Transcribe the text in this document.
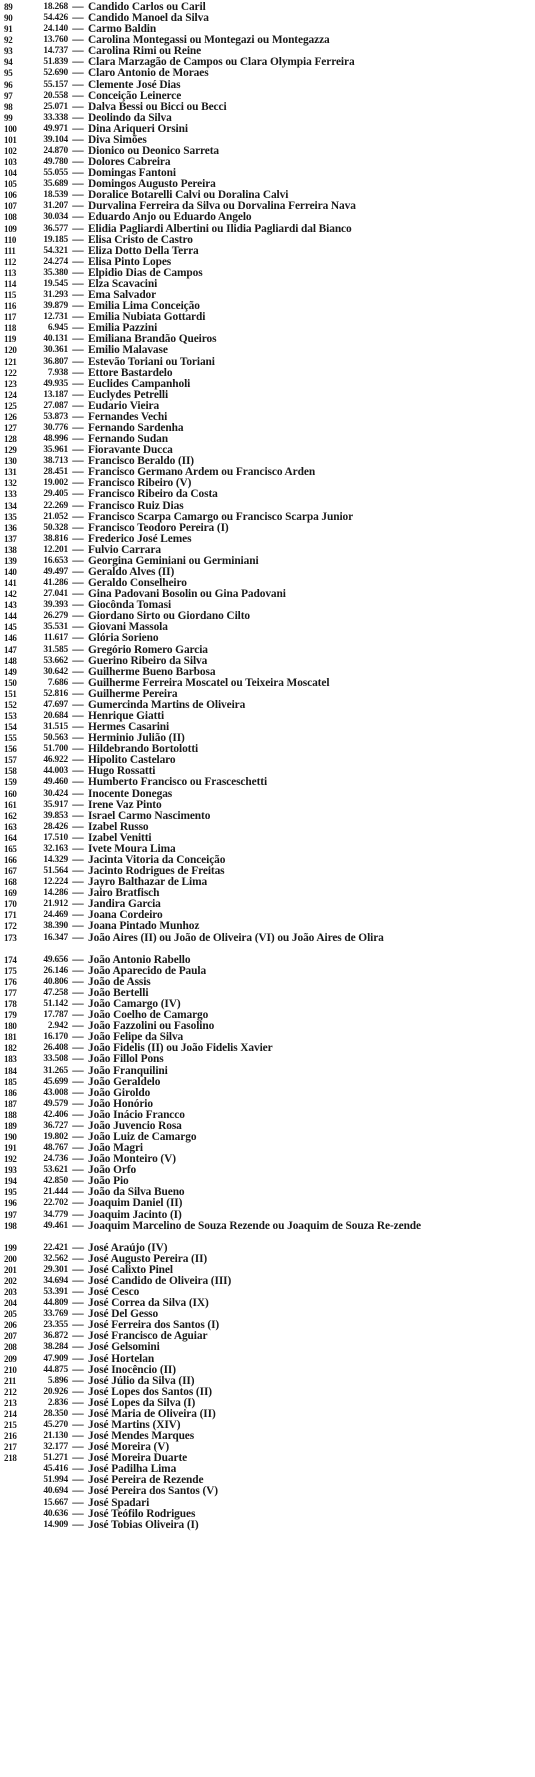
89	18.268 — Candido Carlos ou Caril
90	54.426 — Candido Manoel da Silva
91	24.140 — Carmo Baldin
92	13.760 — Carolina Montegassi ou Montegazi ou Montegazza
93	14.737 — Carolina Rimi ou Reine
94	51.839 — Clara Marzagão de Campos ou Clara Olympia Ferreira
95	52.690 — Claro Antonio de Moraes
96	55.157 — Clemente José Dias
97	20.558 — Conceição Leinerce
98	25.071 — Dalva Bessi ou Bicci ou Becci
99	33.338 — Deolindo da Silva
100	49.971 — Dina Ariqueri Orsini
101	39.104 — Diva Simões
102	24.870 — Dionico ou Deonico Sarreta
103	49.780 — Dolores Cabreira
104	55.055 — Domingas Fantoni
105	35.689 — Domingos Augusto Pereira
106	18.539 — Doralice Botarelli Calvi ou Doralina Calvi
107	31.207 — Durvalina Ferreira da Silva ou Dorvalina Ferreira Nava
108	30.034 — Eduardo Anjo ou Eduardo Angelo
109	36.577 — Elidia Pagliardi Albertini ou Ilidia Pagliardi dal Bianco
110	19.185 — Elisa Cristo de Castro
111	54.321 — Eliza Dotto Della Terra
112	24.274 — Elisa Pinto Lopes
113	35.380 — Elpidio Dias de Campos
114	19.545 — Elza Scavacini
115	31.293 — Ema Salvador
116	39.879 — Emilia Lima Conceição
117	12.731 — Emilia Nubiata Gottardi
118	6.945 — Emilia Pazzini
119	40.131 — Emiliana Brandão Queiros
120	30.361 — Emilio Malavase
121	36.807 — Estevão Toriani ou Toriani
122	7.938 — Ettore Bastardelo
123	49.935 — Euclides Campanholi
124	13.187 — Euclydes Petrelli
125	27.087 — Eudario Vieira
126	53.873 — Fernandes Vechi
127	30.776 — Fernando Sardenha
128	48.996 — Fernando Sudan
129	35.961 — Fioravante Ducca
130	38.713 — Francisco Beraldo (II)
131	28.451 — Francisco Germano Ardem ou Francisco Arden
132	19.002 — Francisco Ribeiro (V)
133	29.405 — Francisco Ribeiro da Costa
134	22.269 — Francisco Ruiz Dias
135	21.052 — Francisco Scarpa Camargo ou Francisco Scarpa Junior
136	50.328 — Francisco Teodoro Pereira (I)
137	38.816 — Frederico José Lemes
138	12.201 — Fulvio Carrara
139	16.653 — Georgina Geminiani ou Germiniani
140	49.497 — Geraldo Alves (II)
141	41.286 — Geraldo Conselheiro
142	27.041 — Gina Padovani Bosolin ou Gina Padovani
143	39.393 — Giocônda Tomasi
144	26.279 — Giordano Sirto ou Giordano Cilto
145	35.531 — Giovani Massola
146	11.617 — Glória Sorieno
147	31.585 — Gregório Romero Garcia
148	53.662 — Guerino Ribeiro da Silva
149	30.642 — Guilherme Bueno Barbosa
150	7.686 — Guilherme Ferreira Moscatel ou Teixeira Moscatel
151	52.816 — Guilherme Pereira
152	47.697 — Gumercinda Martins de Oliveira
153	20.684 — Henrique Giatti
154	31.515 — Hermes Casarini
155	50.563 — Herminio Julião (II)
156	51.700 — Hildebrando Bortolotti
157	46.922 — Hipolito Castelaro
158	44.003 — Hugo Rossatti
159	49.460 — Humberto Francisco ou Frasceschetti
160	30.424 — Inocente Donegas
161	35.917 — Irene Vaz Pinto
162	39.853 — Israel Carmo Nascimento
163	28.426 — Izabel Russo
164	17.510 — Izabel Venitti
165	32.163 — Ivete Moura Lima
166	14.329 — Jacinta Vitoria da Conceição
167	51.564 — Jacinto Rodrigues de Freitas
168	12.224 — Jayro Balthazar de Lima
169	14.286 — Jairo Bratfisch
170	21.912 — Jandira Garcia
171	24.469 — Joana Cordeiro
172	38.390 — Joana Pintado Munhoz
173	16.347 — João Aires (II) ou João de Oliveira (VI) ou João Aires de Olira
174	49.656 — João Antonio Rabello
175	26.146 — João Aparecido de Paula
176	40.806 — João de Assis
177	47.258 — João Bertelli
178	51.142 — João Camargo (IV)
179	17.787 — João Coelho de Camargo
180	2.942 — João Fazzolini ou Fasolino
181	16.170 — João Felipe da Silva
182	26.408 — João Fidelis (II) ou João Fidelis Xavier
183	33.508 — João Fillol Pons
184	31.265 — João Franquilini
185	45.699 — João Geraldelo
186	43.008 — João Giroldo
187	49.579 — João Honório
188	42.406 — João Inácio Francco
189	36.727 — João Juvencio Rosa
190	19.802 — João Luiz de Camargo
191	48.767 — João Magri
192	24.736 — João Monteiro (V)
193	53.621 — João Orfo
194	42.850 — João Pio
195	21.444 — João da Silva Bueno
196	22.702 — Joaquim Daniel (II)
197	34.779 — Joaquim Jacinto (I)
198	49.461 — Joaquim Marcelino de Souza Rezende ou Joaquim de Souza Re-zende
199	22.421 — José Araújo (IV)
200	32.562 — José Augusto Pereira (II)
201	29.301 — José Calixto Pinel
202	34.694 — José Candido de Oliveira (III)
203	53.391 — José Cesco
204	44.809 — José Correa da Silva (IX)
205	33.769 — José Del Gesso
206	23.355 — José Ferreira dos Santos (I)
207	36.872 — José Francisco de Aguiar
208	38.284 — José Gelsomini
209	47.909 — José Hortelan
210	44.875 — José Inocêncio (II)
211	5.896 — José Júlio da Silva (II)
212	20.926 — José Lopes dos Santos (II)
213	2.836 — José Lopes da Silva (I)
214	28.350 — José Maria de Oliveira (II)
215	45.270 — José Martins (XIV)
216	21.130 — José Mendes Marques
217	32.177 — José Moreira (V)
218	51.271 — José Moreira Duarte
45.416 — José Padilha Lima
51.994 — José Pereira de Rezende
40.694 — José Pereira dos Santos (V)
15.667 — José Spadari
40.636 — José Teófilo Rodrigues
14.909 — José Tobias Oliveira (I)
